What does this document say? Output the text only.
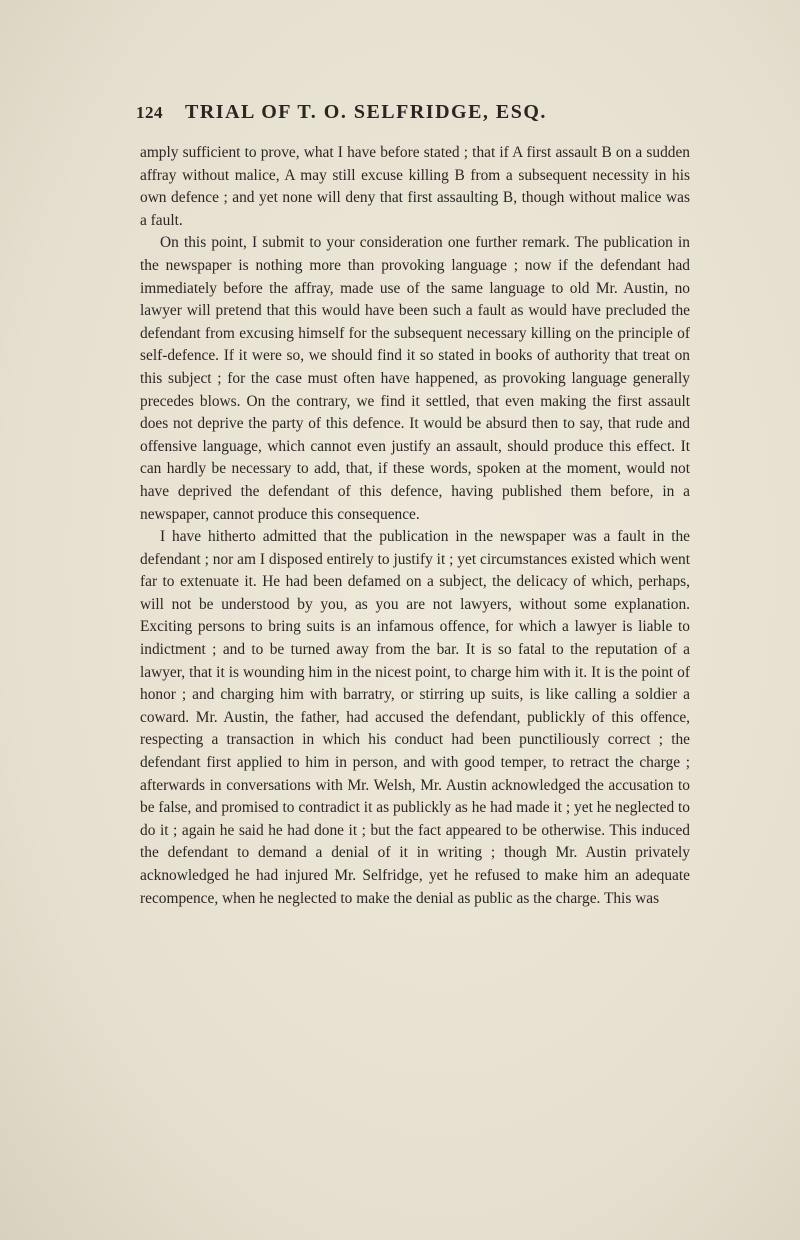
124 TRIAL OF T. O. SELFRIDGE, ESQ.

amply sufficient to prove, what I have before stated ; that if A first assault B on a sudden affray without malice, A may still excuse killing B from a subsequent necessity in his own defence ; and yet none will deny that first assaulting B, though without malice was a fault.

On this point, I submit to your consideration one further remark. The publication in the newspaper is nothing more than provoking language ; now if the defendant had immediately before the affray, made use of the same language to old Mr. Austin, no lawyer will pretend that this would have been such a fault as would have precluded the defendant from excusing himself for the subsequent necessary killing on the principle of self-defence. If it were so, we should find it so stated in books of authority that treat on this subject ; for the case must often have happened, as provoking language generally precedes blows. On the contrary, we find it settled, that even making the first assault does not deprive the party of this defence. It would be absurd then to say, that rude and offensive language, which cannot even justify an assault, should produce this effect. It can hardly be necessary to add, that, if these words, spoken at the moment, would not have deprived the defendant of this defence, having published them before, in a newspaper, cannot produce this consequence.

I have hitherto admitted that the publication in the newspaper was a fault in the defendant ; nor am I disposed entirely to justify it ; yet circumstances existed which went far to extenuate it. He had been defamed on a subject, the delicacy of which, perhaps, will not be understood by you, as you are not lawyers, without some explanation. Exciting persons to bring suits is an infamous offence, for which a lawyer is liable to indictment ; and to be turned away from the bar. It is so fatal to the reputation of a lawyer, that it is wounding him in the nicest point, to charge him with it. It is the point of honor ; and charging him with barratry, or stirring up suits, is like calling a soldier a coward. Mr. Austin, the father, had accused the defendant, publickly of this offence, respecting a transaction in which his conduct had been punctiliously correct ; the defendant first applied to him in person, and with good temper, to retract the charge ; afterwards in conversations with Mr. Welsh, Mr. Austin acknowledged the accusation to be false, and promised to contradict it as publickly as he had made it ; yet he neglected to do it ; again he said he had done it ; but the fact appeared to be otherwise. This induced the defendant to demand a denial of it in writing ; though Mr. Austin privately acknowledged he had injured Mr. Selfridge, yet he refused to make him an adequate recompence, when he neglected to make the denial as public as the charge. This was
